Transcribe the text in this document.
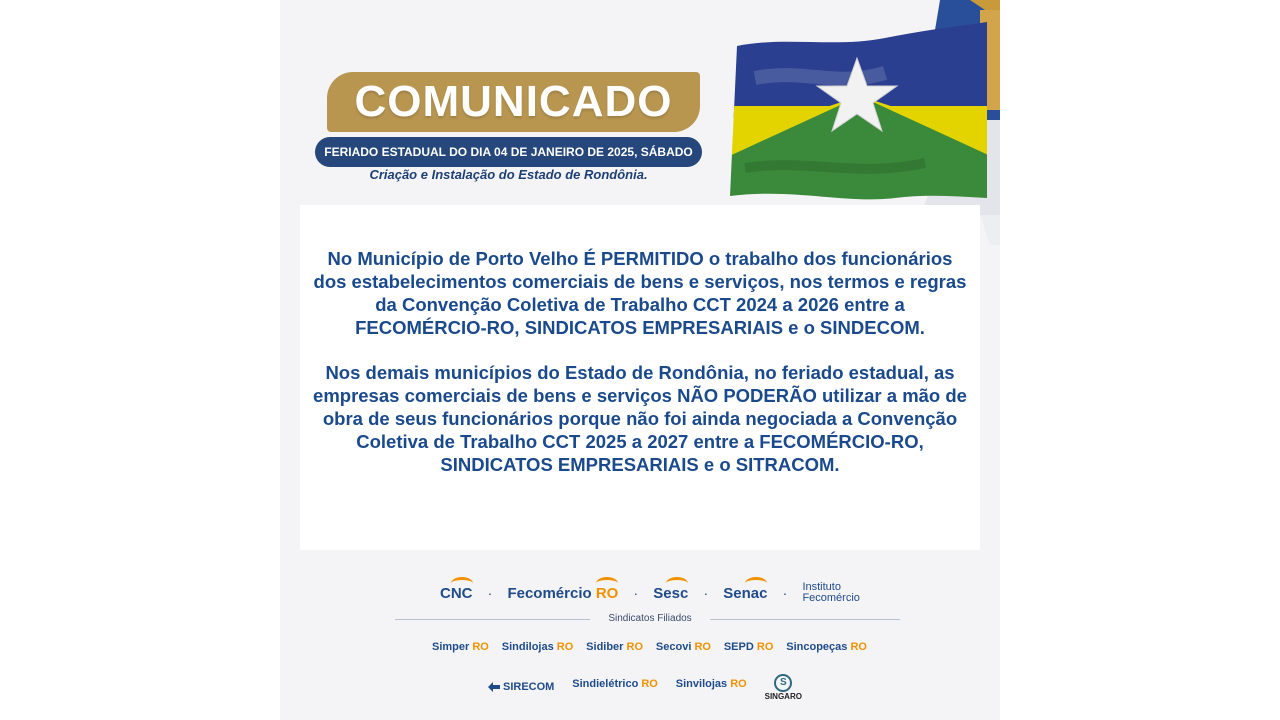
COMUNICADO
FERIADO ESTADUAL DO DIA 04 DE JANEIRO DE 2025, SÁBADO
Criação e Instalação do Estado de Rondônia.

No Município de Porto Velho É PERMITIDO o trabalho dos funcionários dos estabelecimentos comerciais de bens e serviços, nos termos e regras da Convenção Coletiva de Trabalho CCT 2024 a 2026 entre a FECOMÉRCIO-RO, SINDICATOS EMPRESARIAIS e o SINDECOM.

Nos demais municípios do Estado de Rondônia, no feriado estadual, as empresas comerciais de bens e serviços NÃO PODERÃO utilizar a mão de obra de seus funcionários porque não foi ainda negociada a Convenção Coletiva de Trabalho CCT 2025 a 2027 entre a FECOMÉRCIO-RO, SINDICATOS EMPRESARIAIS e o SITRACOM.

CNC · Fecomércio RO · Sesc · Senac · Instituto
Fecomércio
Sindicatos Filiados
Simper RO
Sindilojas RO
Sidiber RO
Secovi RO
SEPD RO
Sincopeças RO

SIRECOM Sindielétrico RO
Sinvilojas RO
	S
SINGARO
